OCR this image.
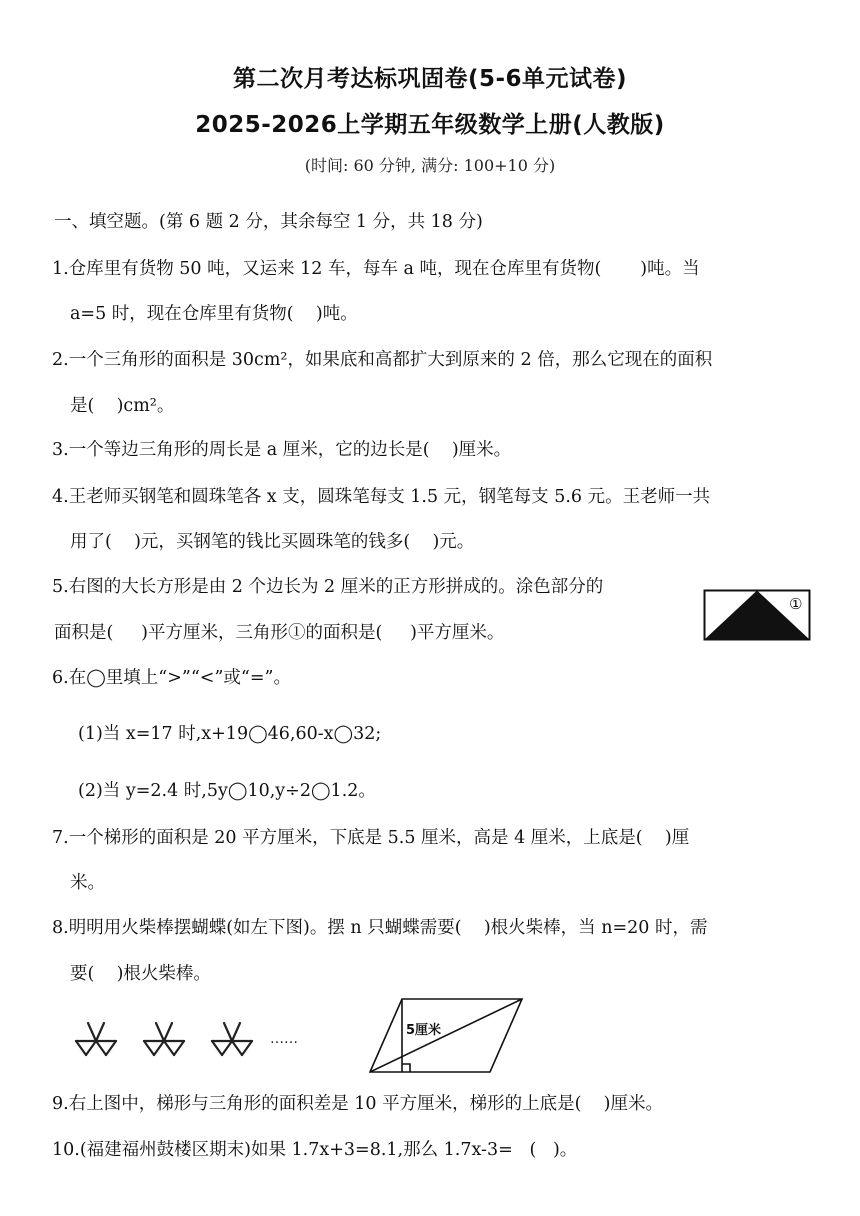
第二次月考达标巩固卷(5-6单元试卷)
2025-2026上学期五年级数学上册(人教版)
(时间: 60 分钟, 满分: 100+10 分)
一、填空题。(第 6 题 2 分，其余每空 1 分，共 18 分)
1.仓库里有货物 50 吨，又运来 12 车，每车 a 吨，现在仓库里有货物(       )吨。当
a=5 时，现在仓库里有货物(    )吨。
2.一个三角形的面积是 30cm²，如果底和高都扩大到原来的 2 倍，那么它现在的面积
是(    )cm²。
3.一个等边三角形的周长是 a 厘米，它的边长是(    )厘米。
4.王老师买钢笔和圆珠笔各 x 支，圆珠笔每支 1.5 元，钢笔每支 5.6 元。王老师一共
用了(    )元，买钢笔的钱比买圆珠笔的钱多(    )元。
5.右图的大长方形是由 2 个边长为 2 厘米的正方形拼成的。涂色部分的
面积是(     )平方厘米，三角形①的面积是(     )平方厘米。
①
6.在◯里填上“>”“<”或“=”。
(1)当 x=17 时,x+19◯46,60-x◯32;
(2)当 y=2.4 时,5y◯10,y÷2◯1.2。
7.一个梯形的面积是 20 平方厘米，下底是 5.5 厘米，高是 4 厘米，上底是(    )厘
米。
8.明明用火柴棒摆蝴蝶(如左下图)。摆 n 只蝴蝶需要(    )根火柴棒，当 n=20 时，需
要(    )根火柴棒。
……
5厘米
9.右上图中，梯形与三角形的面积差是 10 平方厘米，梯形的上底是(    )厘米。
10.(福建福州鼓楼区期末)如果 1.7x+3=8.1,那么 1.7x-3=   (   )。
